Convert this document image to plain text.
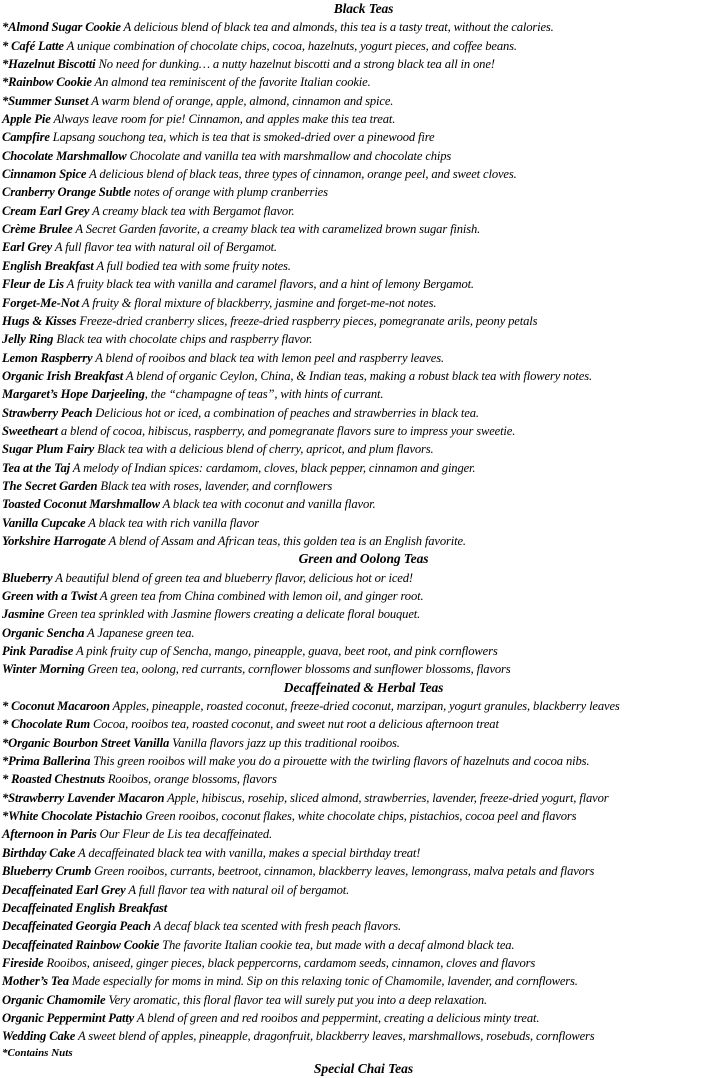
Black Teas
*Almond Sugar Cookie A delicious blend of black tea and almonds, this tea is a tasty treat, without the calories.
* Café Latte A unique combination of chocolate chips, cocoa, hazelnuts, yogurt pieces, and coffee beans.
*Hazelnut Biscotti No need for dunking… a nutty hazelnut biscotti and a strong black tea all in one!
*Rainbow Cookie An almond tea reminiscent of the favorite Italian cookie.
*Summer Sunset A warm blend of orange, apple, almond, cinnamon and spice.
Apple Pie Always leave room for pie! Cinnamon, and apples make this tea treat.
Campfire Lapsang souchong tea, which is tea that is smoked-dried over a pinewood fire
Chocolate Marshmallow Chocolate and vanilla tea with marshmallow and chocolate chips
Cinnamon Spice A delicious blend of black teas, three types of cinnamon, orange peel, and sweet cloves.
Cranberry Orange Subtle notes of orange with plump cranberries
Cream Earl Grey A creamy black tea with Bergamot flavor.
Crème Brulee A Secret Garden favorite, a creamy black tea with caramelized brown sugar finish.
Earl Grey A full flavor tea with natural oil of Bergamot.
English Breakfast A full bodied tea with some fruity notes.
Fleur de Lis A fruity black tea with vanilla and caramel flavors, and a hint of lemony Bergamot.
Forget-Me-Not A fruity & floral mixture of blackberry, jasmine and forget-me-not notes.
Hugs & Kisses Freeze-dried cranberry slices, freeze-dried raspberry pieces, pomegranate arils, peony petals
Jelly Ring Black tea with chocolate chips and raspberry flavor.
Lemon Raspberry A blend of rooibos and black tea with lemon peel and raspberry leaves.
Organic Irish Breakfast A blend of organic Ceylon, China, & Indian teas, making a robust black tea with flowery notes.
Margaret’s Hope Darjeeling, the “champagne of teas”, with hints of currant.
Strawberry Peach Delicious hot or iced, a combination of peaches and strawberries in black tea.
Sweetheart a blend of cocoa, hibiscus, raspberry, and pomegranate flavors sure to impress your sweetie.
Sugar Plum Fairy Black tea with a delicious blend of cherry, apricot, and plum flavors.
Tea at the Taj A melody of Indian spices: cardamom, cloves, black pepper, cinnamon and ginger.
The Secret Garden Black tea with roses, lavender, and cornflowers
Toasted Coconut Marshmallow A black tea with coconut and vanilla flavor.
Vanilla Cupcake A black tea with rich vanilla flavor
Yorkshire Harrogate A blend of Assam and African teas, this golden tea is an English favorite.
Green and Oolong Teas
Blueberry A beautiful blend of green tea and blueberry flavor, delicious hot or iced!
Green with a Twist A green tea from China combined with lemon oil, and ginger root.
Jasmine Green tea sprinkled with Jasmine flowers creating a delicate floral bouquet.
Organic Sencha A Japanese green tea.
Pink Paradise A pink fruity cup of Sencha, mango, pineapple, guava, beet root, and pink cornflowers
Winter Morning Green tea, oolong, red currants, cornflower blossoms and sunflower blossoms, flavors
Decaffeinated & Herbal Teas
* Coconut Macaroon Apples, pineapple, roasted coconut, freeze-dried coconut, marzipan, yogurt granules, blackberry leaves
* Chocolate Rum Cocoa, rooibos tea, roasted coconut, and sweet nut root a delicious afternoon treat
*Organic Bourbon Street Vanilla Vanilla flavors jazz up this traditional rooibos.
*Prima Ballerina This green rooibos will make you do a pirouette with the twirling flavors of hazelnuts and cocoa nibs.
* Roasted Chestnuts Rooibos, orange blossoms, flavors
*Strawberry Lavender Macaron Apple, hibiscus, rosehip, sliced almond, strawberries, lavender, freeze-dried yogurt, flavor
*White Chocolate Pistachio Green rooibos, coconut flakes, white chocolate chips, pistachios, cocoa peel and flavors
Afternoon in Paris Our Fleur de Lis tea decaffeinated.
Birthday Cake A decaffeinated black tea with vanilla, makes a special birthday treat!
Blueberry Crumb Green rooibos, currants, beetroot, cinnamon, blackberry leaves, lemongrass, malva petals and flavors
Decaffeinated Earl Grey A full flavor tea with natural oil of bergamot.
Decaffeinated English Breakfast
Decaffeinated Georgia Peach A decaf black tea scented with fresh peach flavors.
Decaffeinated Rainbow Cookie The favorite Italian cookie tea, but made with a decaf almond black tea.
Fireside Rooibos, aniseed, ginger pieces, black peppercorns, cardamom seeds, cinnamon, cloves and flavors
Mother’s Tea Made especially for moms in mind. Sip on this relaxing tonic of Chamomile, lavender, and cornflowers.
Organic Chamomile Very aromatic, this floral flavor tea will surely put you into a deep relaxation.
Organic Peppermint Patty A blend of green and red rooibos and peppermint, creating a delicious minty treat.
Wedding Cake A sweet blend of apples, pineapple, dragonfruit, blackberry leaves, marshmallows, rosebuds, cornflowers
*Contains Nuts
Special Chai Teas
